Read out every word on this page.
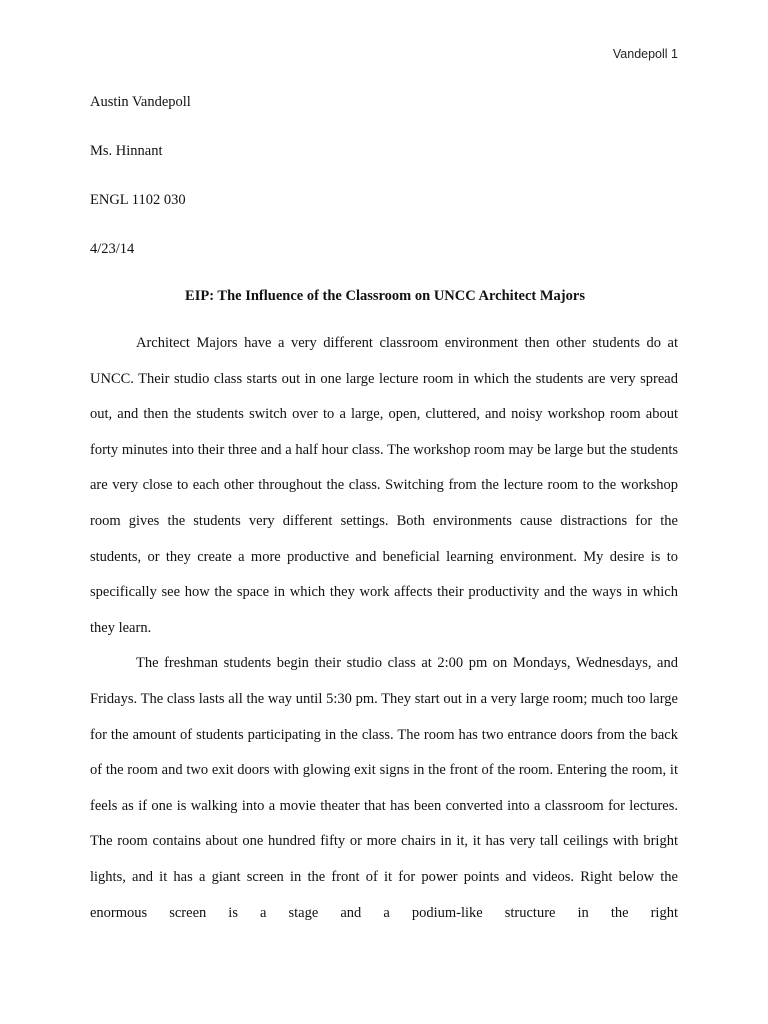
Vandepoll 1
Austin Vandepoll
Ms. Hinnant
ENGL 1102 030
4/23/14
EIP: The Influence of the Classroom on UNCC Architect Majors

Architect Majors have a very different classroom environment then other students do at UNCC. Their studio class starts out in one large lecture room in which the students are very spread out, and then the students switch over to a large, open, cluttered, and noisy workshop room about forty minutes into their three and a half hour class. The workshop room may be large but the students are very close to each other throughout the class. Switching from the lecture room to the workshop room gives the students very different settings. Both environments cause distractions for the students, or they create a more productive and beneficial learning environment. My desire is to specifically see how the space in which they work affects their productivity and the ways in which they learn.

The freshman students begin their studio class at 2:00 pm on Mondays, Wednesdays, and Fridays. The class lasts all the way until 5:30 pm. They start out in a very large room; much too large for the amount of students participating in the class. The room has two entrance doors from the back of the room and two exit doors with glowing exit signs in the front of the room. Entering the room, it feels as if one is walking into a movie theater that has been converted into a classroom for lectures. The room contains about one hundred fifty or more chairs in it, it has very tall ceilings with bright lights, and it has a giant screen in the front of it for power points and videos. Right below the enormous screen is a stage and a podium-like structure in the right
